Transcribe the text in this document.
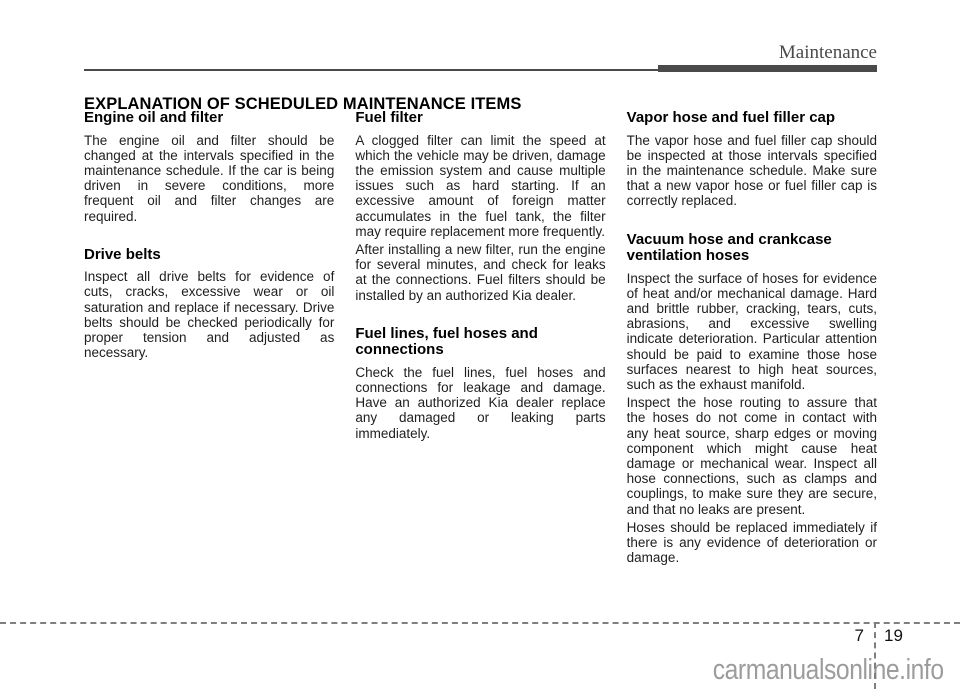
Maintenance
EXPLANATION OF SCHEDULED MAINTENANCE ITEMS
Engine oil and filter

The engine oil and filter should be changed at the intervals specified in the maintenance schedule. If the car is being driven in severe conditions, more frequent oil and filter changes are required.

Drive belts

Inspect all drive belts for evidence of cuts, cracks, excessive wear or oil saturation and replace if necessary. Drive belts should be checked periodically for proper tension and adjusted as necessary.

Fuel filter

A clogged filter can limit the speed at which the vehicle may be driven, damage the emission system and cause multiple issues such as hard starting. If an excessive amount of foreign matter accumulates in the fuel tank, the filter may require replacement more frequently.

After installing a new filter, run the engine for several minutes, and check for leaks at the connections. Fuel filters should be installed by an authorized Kia dealer.

Fuel lines, fuel hoses and connections

Check the fuel lines, fuel hoses and connections for leakage and damage. Have an authorized Kia dealer replace any damaged or leaking parts immediately.

Vapor hose and fuel filler cap

The vapor hose and fuel filler cap should be inspected at those intervals specified in the maintenance schedule. Make sure that a new vapor hose or fuel filler cap is correctly replaced.

Vacuum hose and crankcase ventilation hoses

Inspect the surface of hoses for evidence of heat and/or mechanical damage. Hard and brittle rubber, cracking, tears, cuts, abrasions, and excessive swelling indicate deterioration. Particular attention should be paid to examine those hose surfaces nearest to high heat sources, such as the exhaust manifold.

Inspect the hose routing to assure that the hoses do not come in contact with any heat source, sharp edges or moving component which might cause heat damage or mechanical wear. Inspect all hose connections, such as clamps and couplings, to make sure they are secure, and that no leaks are present.

Hoses should be replaced immediately if there is any evidence of deterioration or damage.

7 19
carmanualsonline.info
